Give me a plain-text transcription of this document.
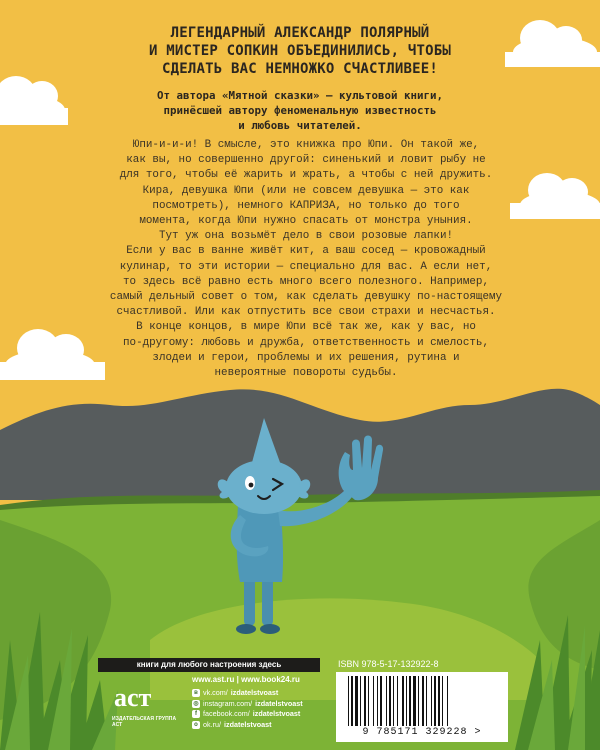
ЛЕГЕНДАРНЫЙ АЛЕКСАНДР ПОЛЯРНЫЙ
И МИСТЕР СОПКИН ОБЪЕДИНИЛИСЬ, ЧТОБЫ
СДЕЛАТЬ ВАС НЕМНОЖКО СЧАСТЛИВЕЕ!
От автора «Мятной сказки» — культовой книги,
принёсшей автору феноменальную известность
и любовь читателей.

Юпи-и-и-и! В смысле, это книжка про Юпи. Он такой же,
как вы, но совершенно другой: синенький и ловит рыбу не
для того, чтобы её жарить и жрать, а чтобы с ней дружить.
Кира, девушка Юпи (или не совсем девушка — это как
посмотреть), немного КАПРИЗА, но только до того
момента, когда Юпи нужно спасать от монстра уныния.
Тут уж она возьмёт дело в свои розовые лапки!

Если у вас в ванне живёт кит, а ваш сосед — кровожадный
кулинар, то эти истории — специально для вас. А если нет,
то здесь всё равно есть много всего полезного. Например,
самый дельный совет о том, как сделать девушку по-настоящему
счастливой. Или как отпустить все свои страхи и несчастья.
В конце концов, в мире Юпи всё так же, как у вас, но
по-другому: любовь и дружба, ответственность и смелость,
злодеи и герои, проблемы и их решения, рутина и
невероятные повороты судьбы.

книги для любого настроения здесь
аст
ИЗДАТЕЛЬСКАЯ ГРУППА АСТ
www.ast.ru | www.book24.ru
в vk.com/ izdatelstvoast
◎ instagram.com/ izdatelstvoast
f facebook.com/ izdatelstvoast
о ok.ru/ izdatelstvoast
ISBN 978-5-17-132922-8
9 785171 329228 >
